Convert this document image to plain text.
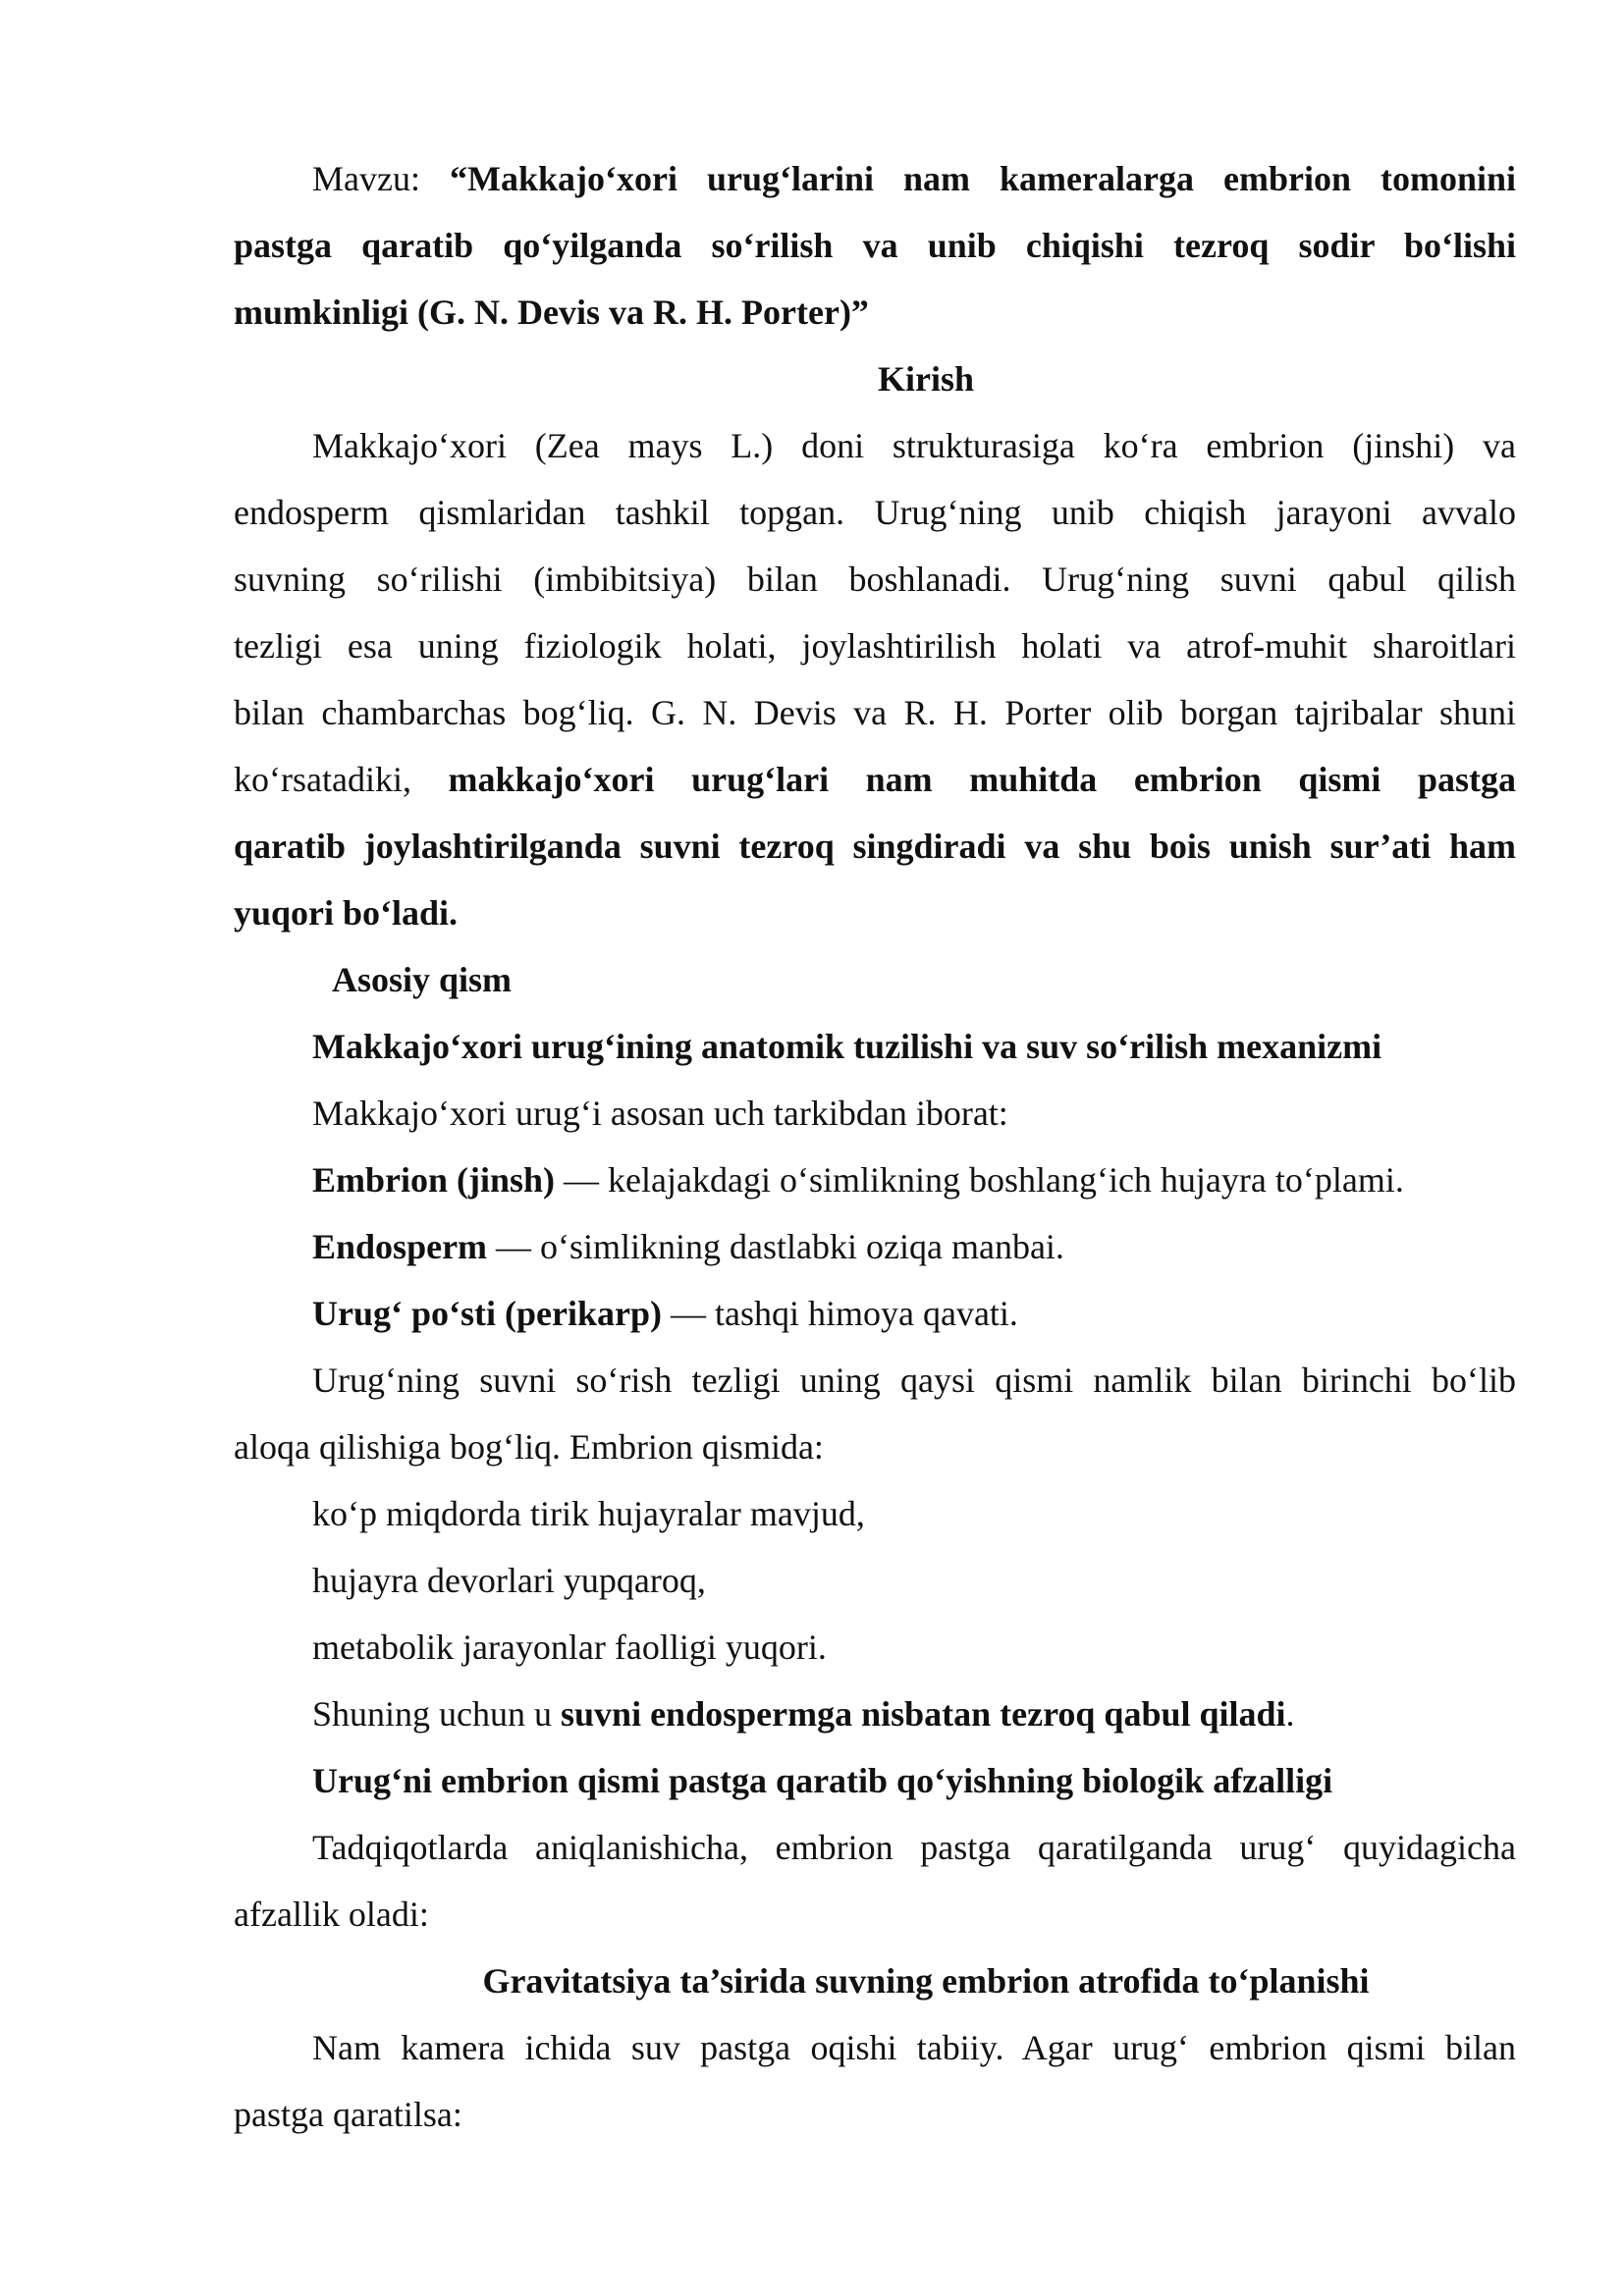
Mavzu: “Makkajo‘xori urug‘larini nam kameralarga embrion tomonini
pastga qaratib qo‘yilganda so‘rilish va unib chiqishi tezroq sodir bo‘lishi
mumkinligi (G. N. Devis va R. H. Porter)”
Kirish
Makkajo‘xori (Zea mays L.) doni strukturasiga ko‘ra embrion (jinshi) va
endosperm qismlaridan tashkil topgan. Urug‘ning unib chiqish jarayoni avvalo
suvning so‘rilishi (imbibitsiya) bilan boshlanadi. Urug‘ning suvni qabul qilish
tezligi esa uning fiziologik holati, joylashtirilish holati va atrof-muhit sharoitlari
bilan chambarchas bog‘liq. G. N. Devis va R. H. Porter olib borgan tajribalar shuni
ko‘rsatadiki, makkajo‘xori urug‘lari nam muhitda embrion qismi pastga
qaratib joylashtirilganda suvni tezroq singdiradi va shu bois unish sur’ati ham
yuqori bo‘ladi.
Asosiy qism
Makkajo‘xori urug‘ining anatomik tuzilishi va suv so‘rilish mexanizmi
Makkajo‘xori urug‘i asosan uch tarkibdan iborat:
Embrion (jinsh) — kelajakdagi o‘simlikning boshlang‘ich hujayra to‘plami.
Endosperm — o‘simlikning dastlabki oziqa manbai.
Urug‘ po‘sti (perikarp) — tashqi himoya qavati.
Urug‘ning suvni so‘rish tezligi uning qaysi qismi namlik bilan birinchi bo‘lib
aloqa qilishiga bog‘liq. Embrion qismida:
ko‘p miqdorda tirik hujayralar mavjud,
hujayra devorlari yupqaroq,
metabolik jarayonlar faolligi yuqori.
Shuning uchun u suvni endospermga nisbatan tezroq qabul qiladi.
Urug‘ni embrion qismi pastga qaratib qo‘yishning biologik afzalligi
Tadqiqotlarda aniqlanishicha, embrion pastga qaratilganda urug‘ quyidagicha
afzallik oladi:
Gravitatsiya ta’sirida suvning embrion atrofida to‘planishi
Nam kamera ichida suv pastga oqishi tabiiy. Agar urug‘ embrion qismi bilan
pastga qaratilsa:
